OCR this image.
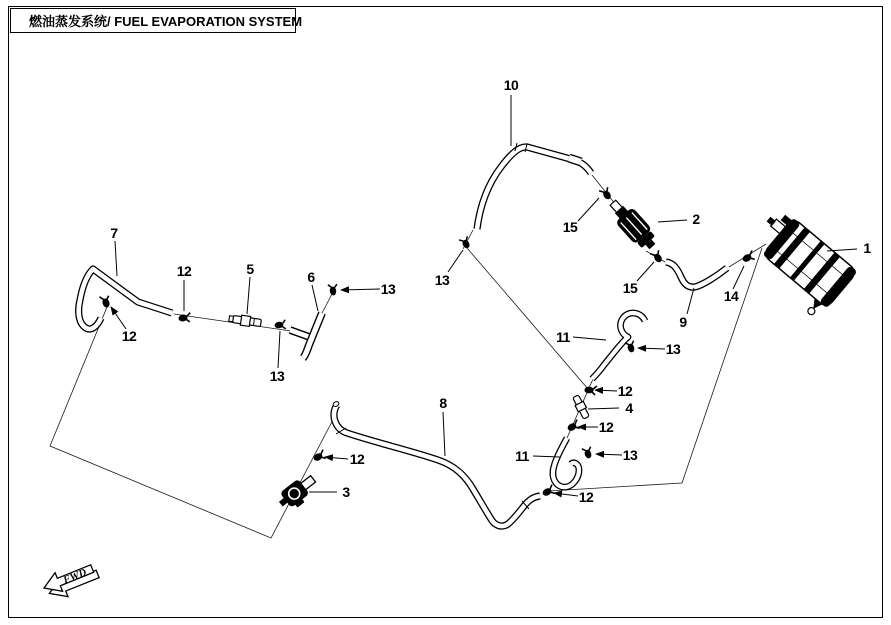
FWD
燃油蒸发系统/ FUEL EVAPORATION SYSTEM
1
2
3
4
5	6
7
8
9
10
11
11
12
12
12
12
12
12
13
13
13
13
13
14
15
15
